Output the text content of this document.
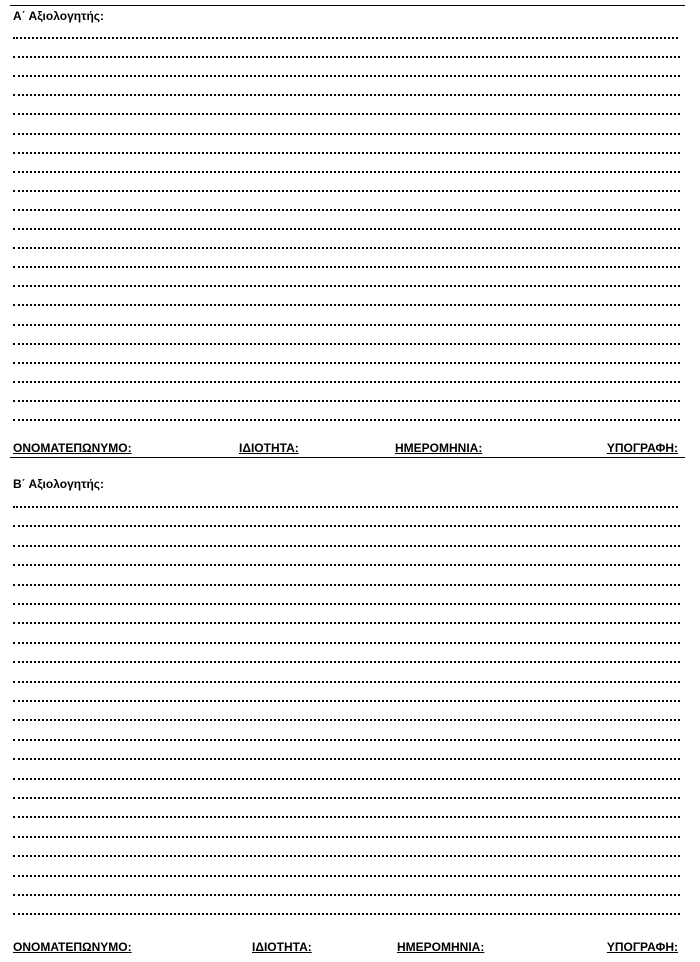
Α΄ Αξιολογητής:
ΟΝΟΜΑΤΕΠΩΝΥΜΟ:	ΙΔΙΟΤΗΤΑ:	ΗΜΕΡΟΜΗΝΙΑ:	ΥΠΟΓΡΑΦΗ:
Β΄ Αξιολογητής:
ΟΝΟΜΑΤΕΠΩΝΥΜΟ:	ΙΔΙΟΤΗΤΑ:	ΗΜΕΡΟΜΗΝΙΑ:	ΥΠΟΓΡΑΦΗ:
